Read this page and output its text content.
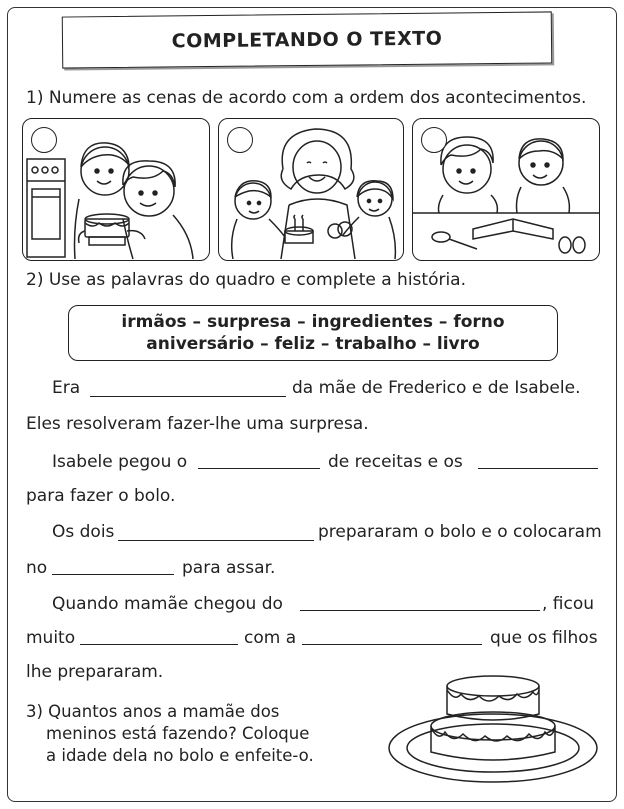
COMPLETANDO O TEXTO
1) Numere as cenas de acordo com a ordem dos acontecimentos.
2) Use as palavras do quadro e complete a história.
irmãos – surpresa – ingredientes – forno
aniversário – feliz – trabalho – livro
Era	da mãe de Frederico e de Isabele.
Eles resolveram fazer-lhe uma surpresa.
Isabele pegou o	de receitas e os
para fazer o bolo.
Os dois	prepararam o bolo e o colocaram
no	para assar.
Quando mamãe chegou do	, ficou
muito	com a	que os filhos
lhe prepararam.
3) Quantos anos a mamãe dos
meninos está fazendo? Coloque
a idade dela no bolo e enfeite-o.
